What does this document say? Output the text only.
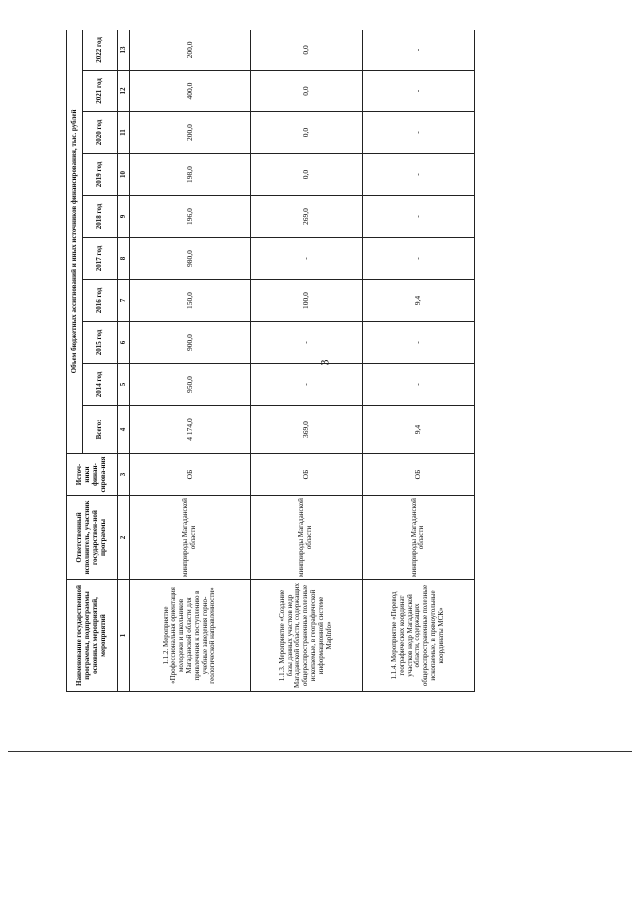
3
Наименование государственной программы, подпрограммы основных мероприятий, мероприятий	Ответственный исполнитель, участник государствен-ной программы	Источ-ники финан-сирова-ния	Объем бюджетных ассигнований и иных источников финансирования, тыс. рублей									
			Всего:	2014 год	2015 год	2016 год	2017 год	2018 год	2019 год	2020 год	2021 год	2022 год
1	2	3	4	5	6	7	8	9	10	11	12	13
1.1.2. Мероприятие «Профессиональная ориентация молодежи и школьников Магаданской области для привлечения к поступлению в учебные заведения горно-геологической направленности»	минприроды Магаданской области	ОБ	4 174,0	950,0	900,0	150,0	980,0	196,0	198,0	200,0	400,0	200,0
1.1.3. Мероприятие «Создание базы данных участков недр Магаданской области, содержащих общераспространенные полезные ископаемые, в географической информационной системе MapInfo»	минприроды Магаданской области	ОБ	369,0	-	-	100,0	-	269,0	0,0	0,0	0,0	0,0
1.1.4. Мероприятие «Перевод географических координат участков недр Магаданской области, содержащих общераспространенные полезные ископаемые, в прямоугольные координаты МСК»	минприроды Магаданской области	ОБ	9,4	-	-	9,4	-	-	-	-	-	-
